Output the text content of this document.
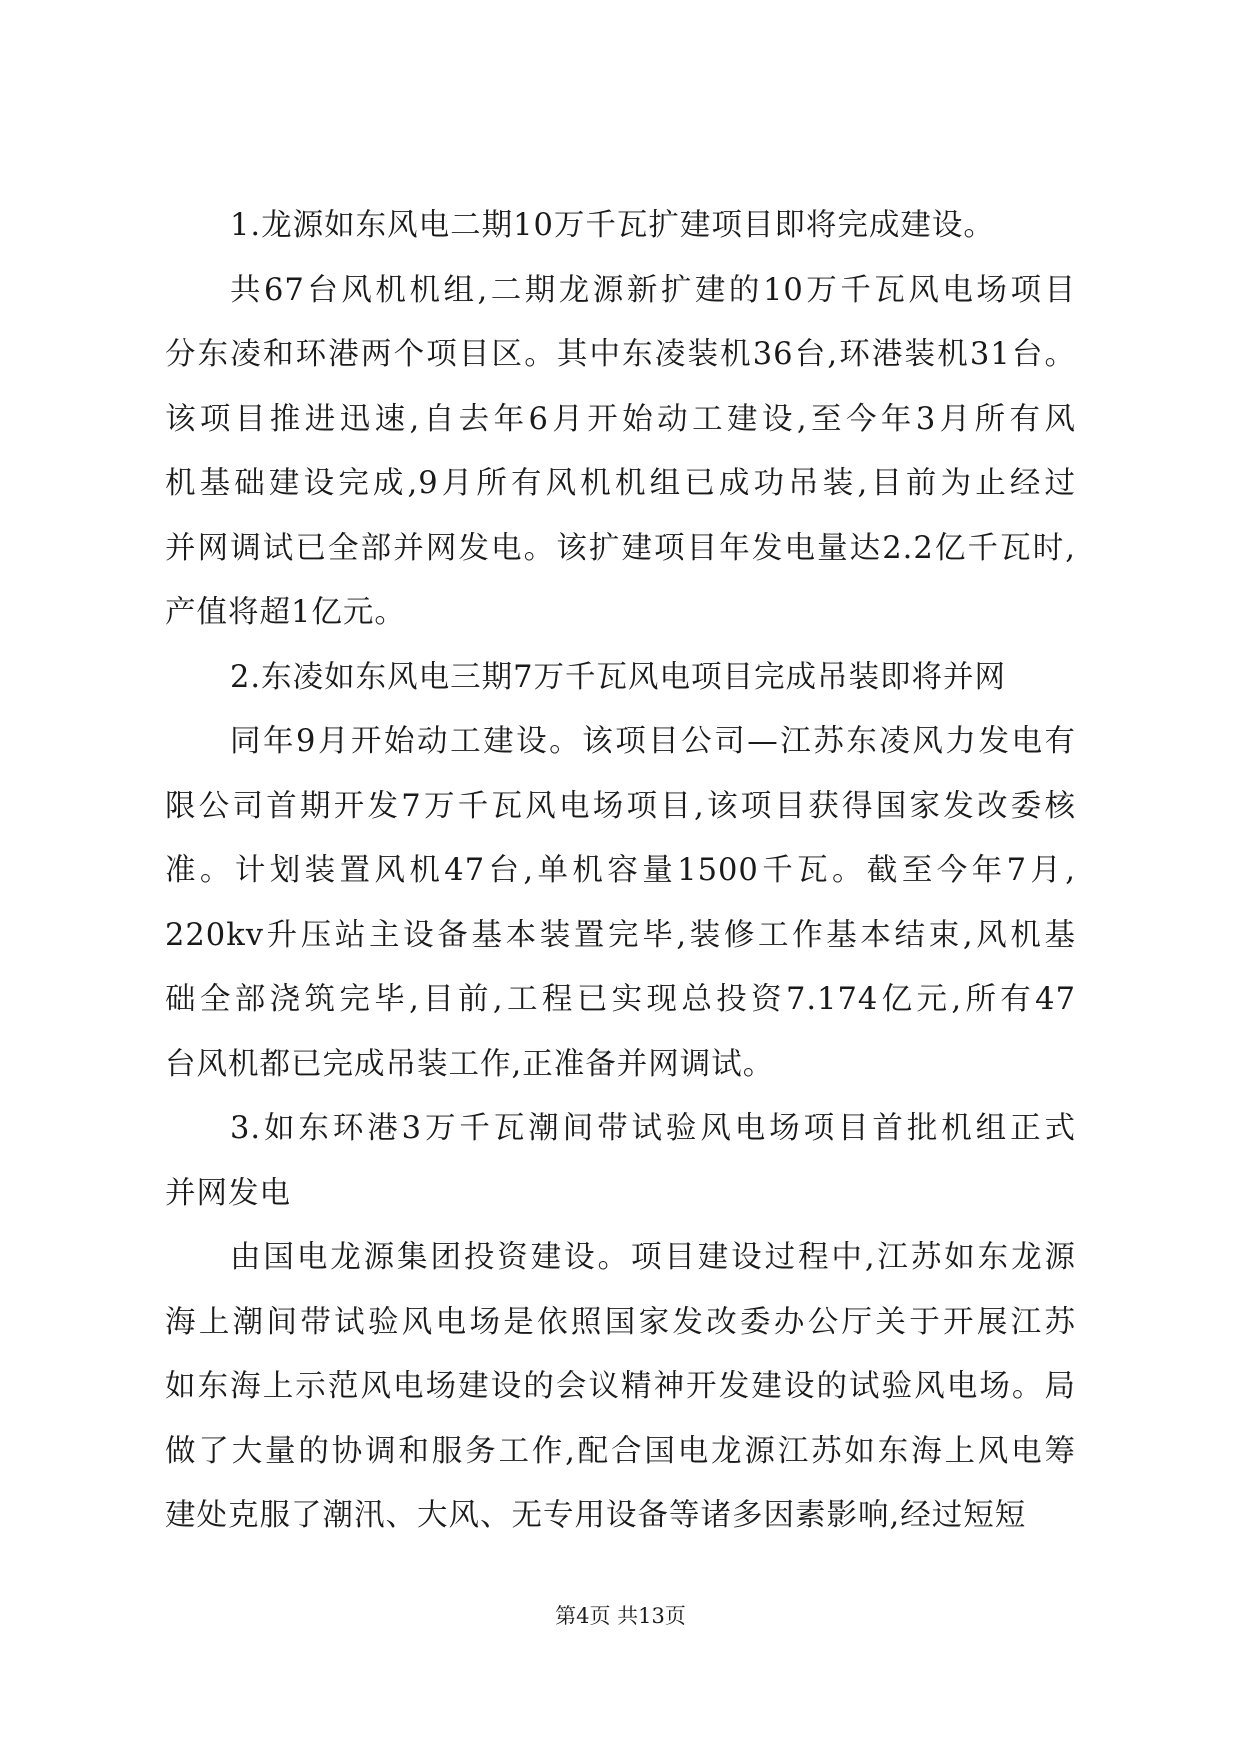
1.龙源如东风电二期10万千瓦扩建项目即将完成建设。
共67台风机机组,二期龙源新扩建的10万千瓦风电场项目
分东凌和环港两个项目区。其中东凌装机36台,环港装机31台。
该项目推进迅速,自去年6月开始动工建设,至今年3月所有风
机基础建设完成,9月所有风机机组已成功吊装,目前为止经过
并网调试已全部并网发电。该扩建项目年发电量达2.2亿千瓦时,
产值将超1亿元。
2.东凌如东风电三期7万千瓦风电项目完成吊装即将并网
同年9月开始动工建设。该项目公司—江苏东凌风力发电有
限公司首期开发7万千瓦风电场项目,该项目获得国家发改委核
准。计划装置风机47台,单机容量1500千瓦。截至今年7月,
220kv升压站主设备基本装置完毕,装修工作基本结束,风机基
础全部浇筑完毕,目前,工程已实现总投资7.174亿元,所有47
台风机都已完成吊装工作,正准备并网调试。
3.如东环港3万千瓦潮间带试验风电场项目首批机组正式
并网发电
由国电龙源集团投资建设。项目建设过程中,江苏如东龙源
海上潮间带试验风电场是依照国家发改委办公厅关于开展江苏
如东海上示范风电场建设的会议精神开发建设的试验风电场。局
做了大量的协调和服务工作,配合国电龙源江苏如东海上风电筹
建处克服了潮汛、大风、无专用设备等诸多因素影响,经过短短
第4页 共13页
